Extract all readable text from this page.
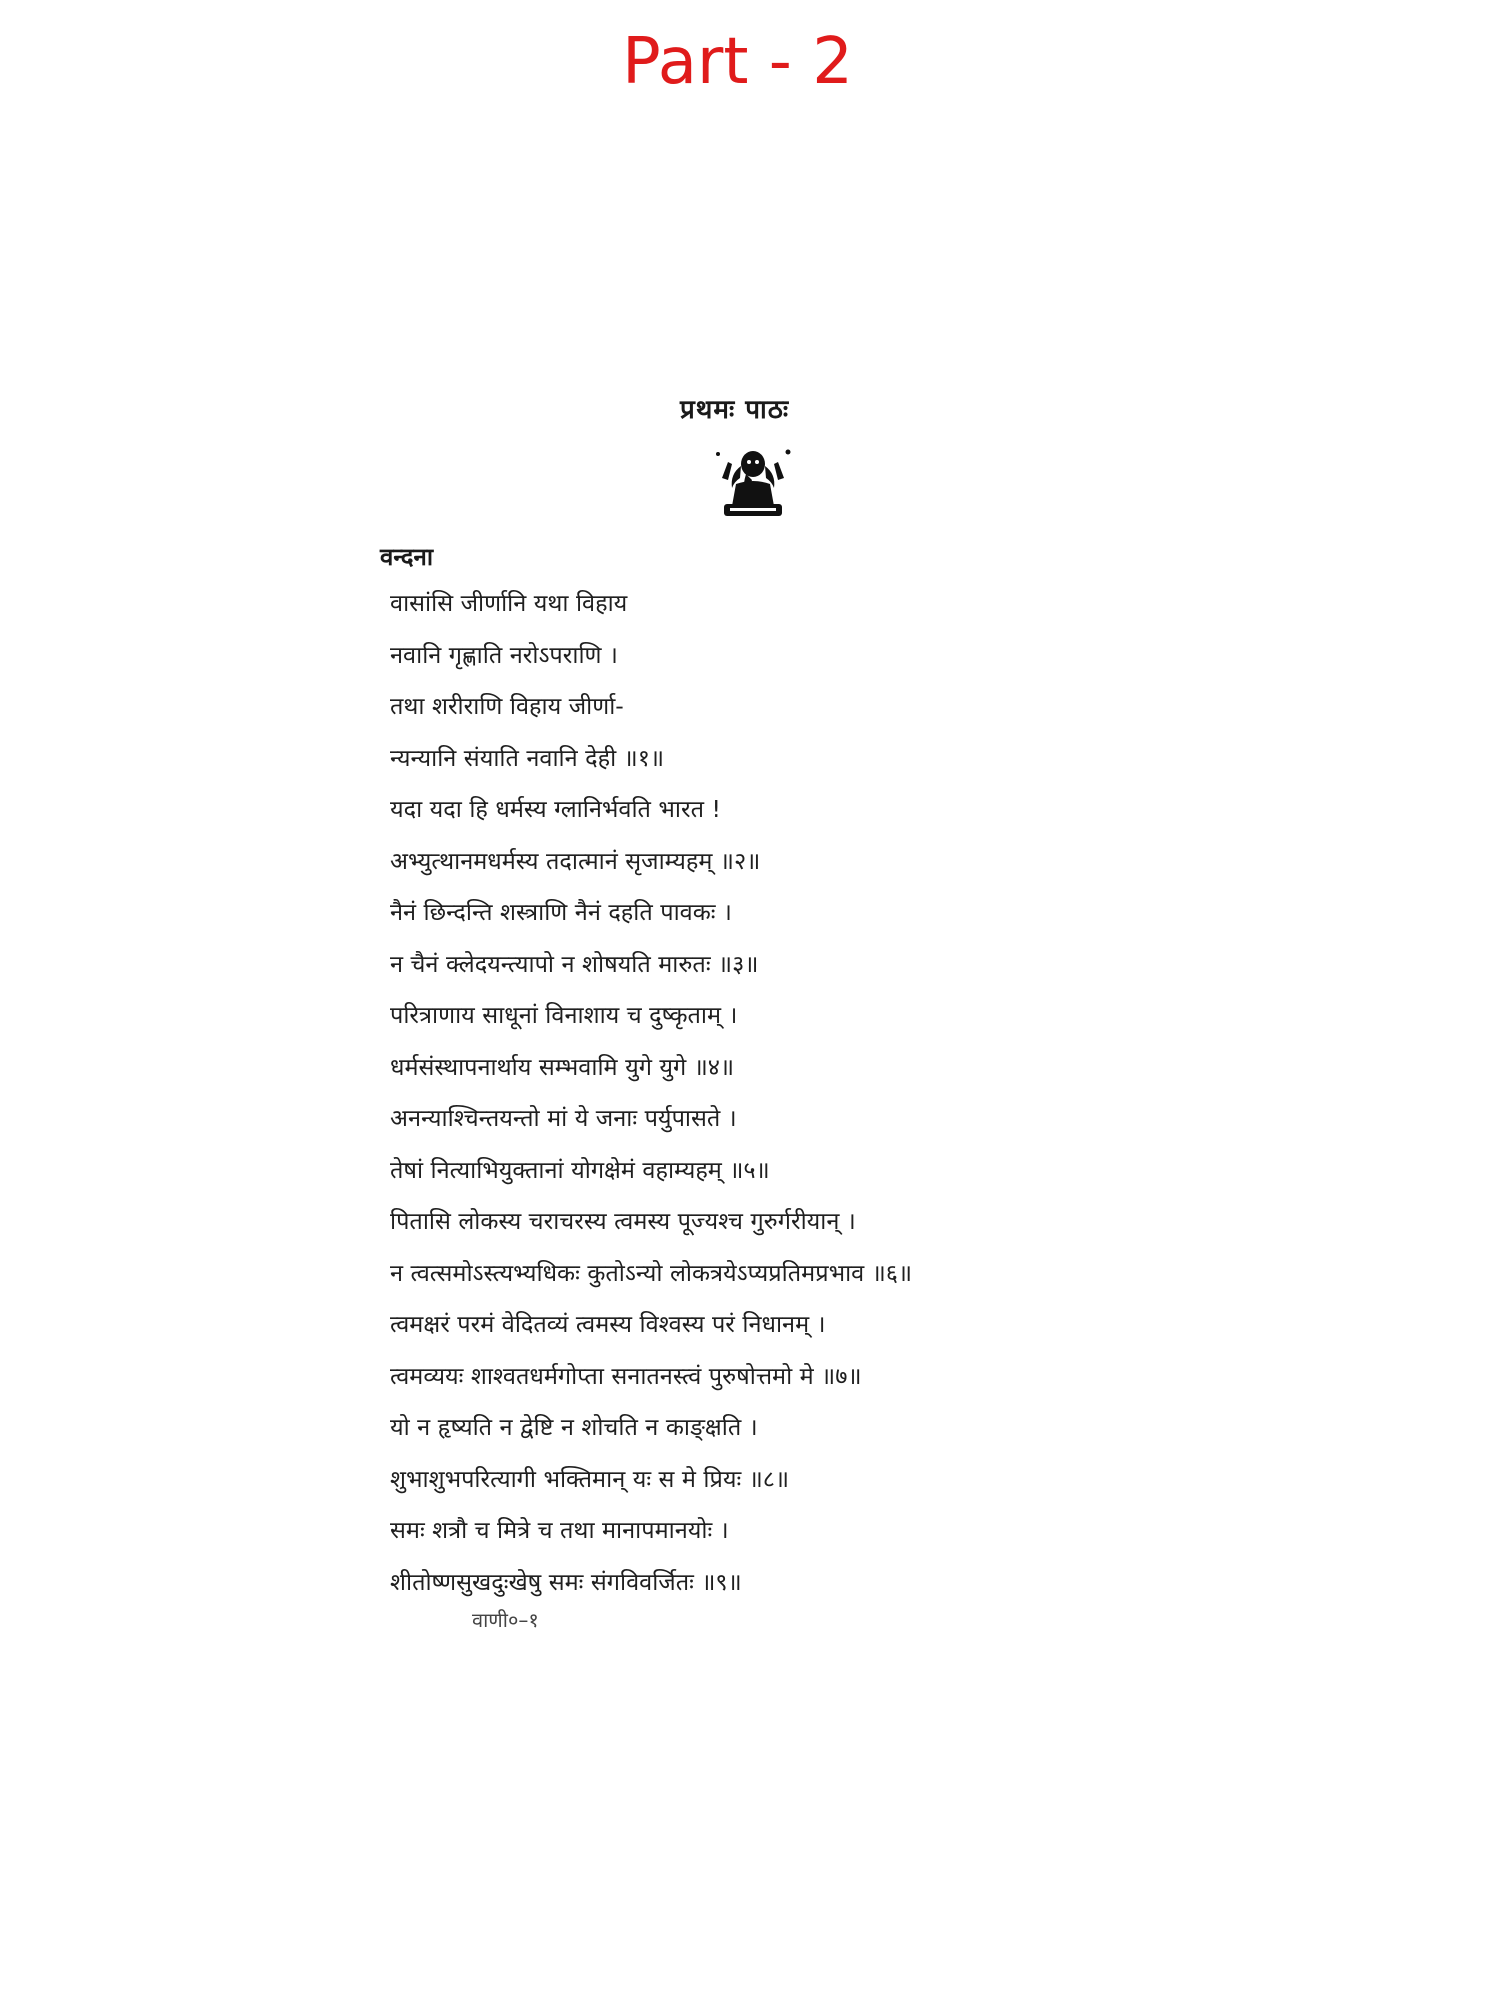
Part - 2
प्रथमः पाठः
वन्दना
वासांसि जीर्णानि यथा विहाय
नवानि गृह्णाति नरोऽपराणि ।
तथा शरीराणि विहाय जीर्णा-
न्यन्यानि संयाति नवानि देही ॥१॥
यदा यदा हि धर्मस्य ग्लानिर्भवति भारत !
अभ्युत्थानमधर्मस्य तदात्मानं सृजाम्यहम् ॥२॥
नैनं छिन्दन्ति शस्त्राणि नैनं दहति पावकः ।
न चैनं क्लेदयन्त्यापो न शोषयति मारुतः ॥३॥
परित्राणाय साधूनां विनाशाय च दुष्कृताम् ।
धर्मसंस्थापनार्थाय सम्भवामि युगे युगे ॥४॥
अनन्याश्चिन्तयन्तो मां ये जनाः पर्युपासते ।
तेषां नित्याभियुक्तानां योगक्षेमं वहाम्यहम् ॥५॥
पितासि लोकस्य चराचरस्य त्वमस्य पूज्यश्च गुरुर्गरीयान् ।
न त्वत्समोऽस्त्यभ्यधिकः कुतोऽन्यो लोकत्रयेऽप्यप्रतिमप्रभाव ॥६॥
त्वमक्षरं परमं वेदितव्यं त्वमस्य विश्वस्य परं निधानम् ।
त्वमव्ययः शाश्वतधर्मगोप्ता सनातनस्त्वं पुरुषोत्तमो मे ॥७॥
यो न हृष्यति न द्वेष्टि न शोचति न काङ्क्षति ।
शुभाशुभपरित्यागी भक्तिमान् यः स मे प्रियः ॥८॥
समः शत्रौ च मित्रे च तथा मानापमानयोः ।
शीतोष्णसुखदुःखेषु समः संगविवर्जितः ॥९॥
वाणी०–१
